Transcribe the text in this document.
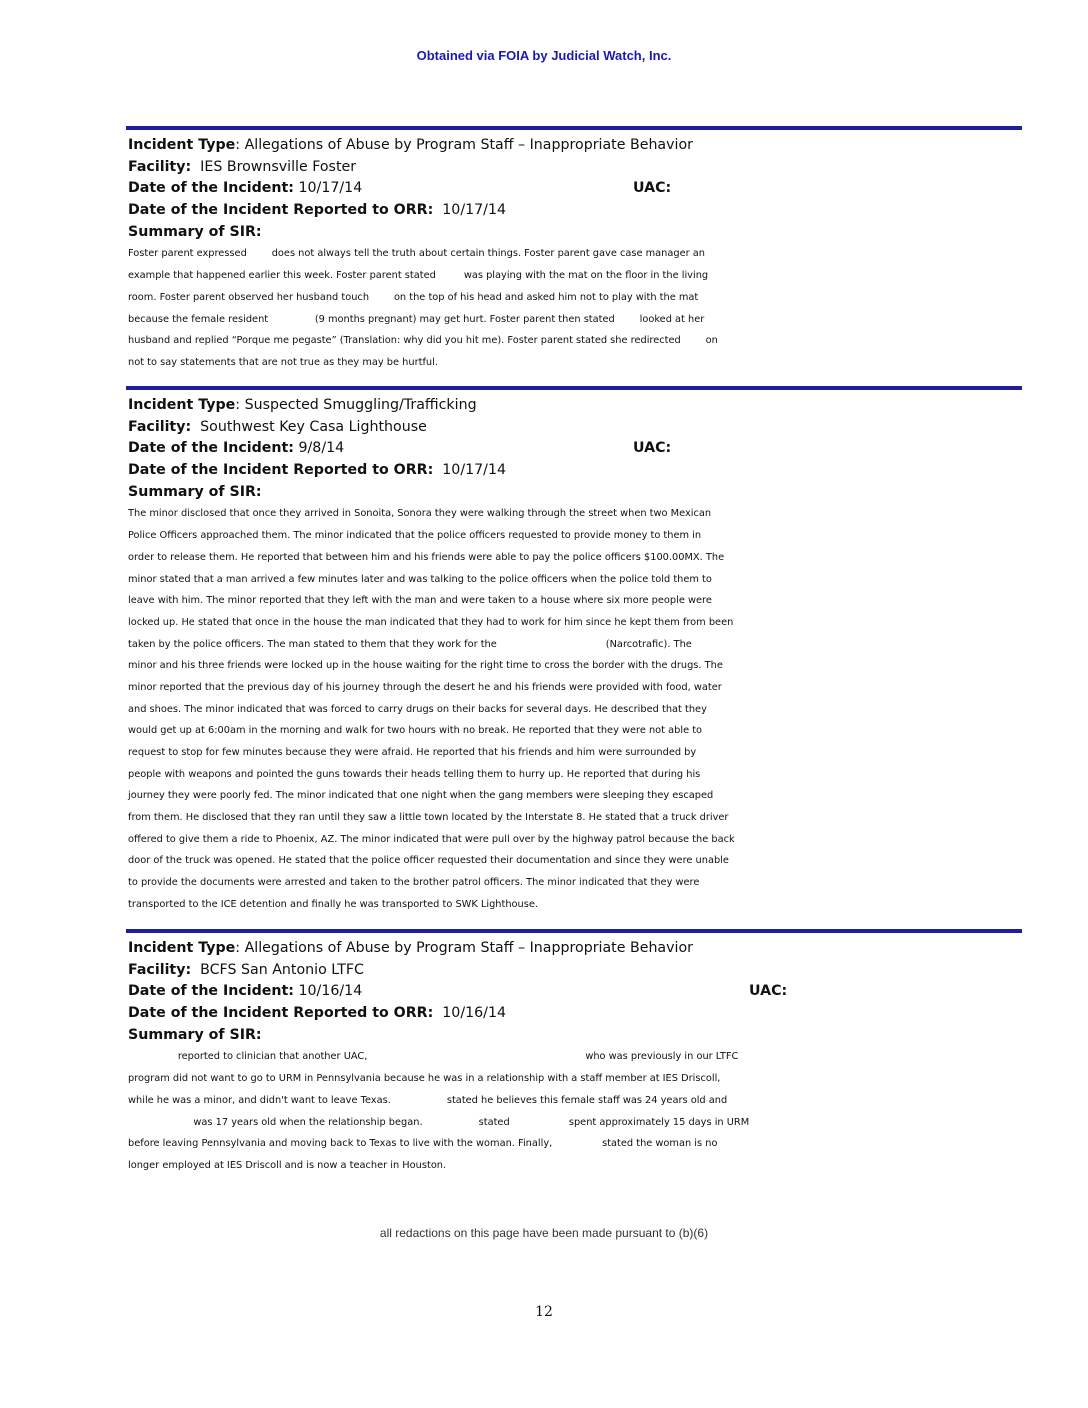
Obtained via FOIA by Judicial Watch, Inc.
Incident Type: Allegations of Abuse by Program Staff – Inappropriate Behavior
Facility: IES Brownsville Foster
Date of the Incident: 10/17/14	UAC:
Date of the Incident Reported to ORR: 10/17/14
Summary of SIR:
Foster parent expressed        does not always tell the truth about certain things. Foster parent gave case manager an
example that happened earlier this week. Foster parent stated         was playing with the mat on the floor in the living
room. Foster parent observed her husband touch        on the top of his head and asked him not to play with the mat
because the female resident               (9 months pregnant) may get hurt. Foster parent then stated        looked at her
husband and replied “Porque me pegaste” (Translation: why did you hit me). Foster parent stated she redirected        on
not to say statements that are not true as they may be hurtful.
Incident Type: Suspected Smuggling/Trafficking
Facility: Southwest Key Casa Lighthouse
Date of the Incident: 9/8/14	UAC:
Date of the Incident Reported to ORR: 10/17/14
Summary of SIR:
The minor disclosed that once they arrived in Sonoita, Sonora they were walking through the street when two Mexican
Police Officers approached them. The minor indicated that the police officers requested to provide money to them in
order to release them. He reported that between him and his friends were able to pay the police officers $100.00MX. The
minor stated that a man arrived a few minutes later and was talking to the police officers when the police told them to
leave with him. The minor reported that they left with the man and were taken to a house where six more people were
locked up. He stated that once in the house the man indicated that they had to work for him since he kept them from been
taken by the police officers. The man stated to them that they work for the                                   (Narcotrafic). The
minor and his three friends were locked up in the house waiting for the right time to cross the border with the drugs. The
minor reported that the previous day of his journey through the desert he and his friends were provided with food, water
and shoes. The minor indicated that was forced to carry drugs on their backs for several days. He described that they
would get up at 6:00am in the morning and walk for two hours with no break. He reported that they were not able to
request to stop for few minutes because they were afraid. He reported that his friends and him were surrounded by
people with weapons and pointed the guns towards their heads telling them to hurry up. He reported that during his
journey they were poorly fed. The minor indicated that one night when the gang members were sleeping they escaped
from them. He disclosed that they ran until they saw a little town located by the Interstate 8. He stated that a truck driver
offered to give them a ride to Phoenix, AZ. The minor indicated that were pull over by the highway patrol because the back
door of the truck was opened. He stated that the police officer requested their documentation and since they were unable
to provide the documents were arrested and taken to the brother patrol officers. The minor indicated that they were
transported to the ICE detention and finally he was transported to SWK Lighthouse.
Incident Type: Allegations of Abuse by Program Staff – Inappropriate Behavior
Facility: BCFS San Antonio LTFC
Date of the Incident: 10/16/14	UAC:
Date of the Incident Reported to ORR: 10/16/14
Summary of SIR:
reported to clinician that another UAC,                                                                      who was previously in our LTFC
program did not want to go to URM in Pennsylvania because he was in a relationship with a staff member at IES Driscoll,
while he was a minor, and didn't want to leave Texas.                  stated he believes this female staff was 24 years old and
was 17 years old when the relationship began.                  stated                   spent approximately 15 days in URM
before leaving Pennsylvania and moving back to Texas to live with the woman. Finally,                stated the woman is no
longer employed at IES Driscoll and is now a teacher in Houston.
all redactions on this page have been made pursuant to (b)(6)
12
